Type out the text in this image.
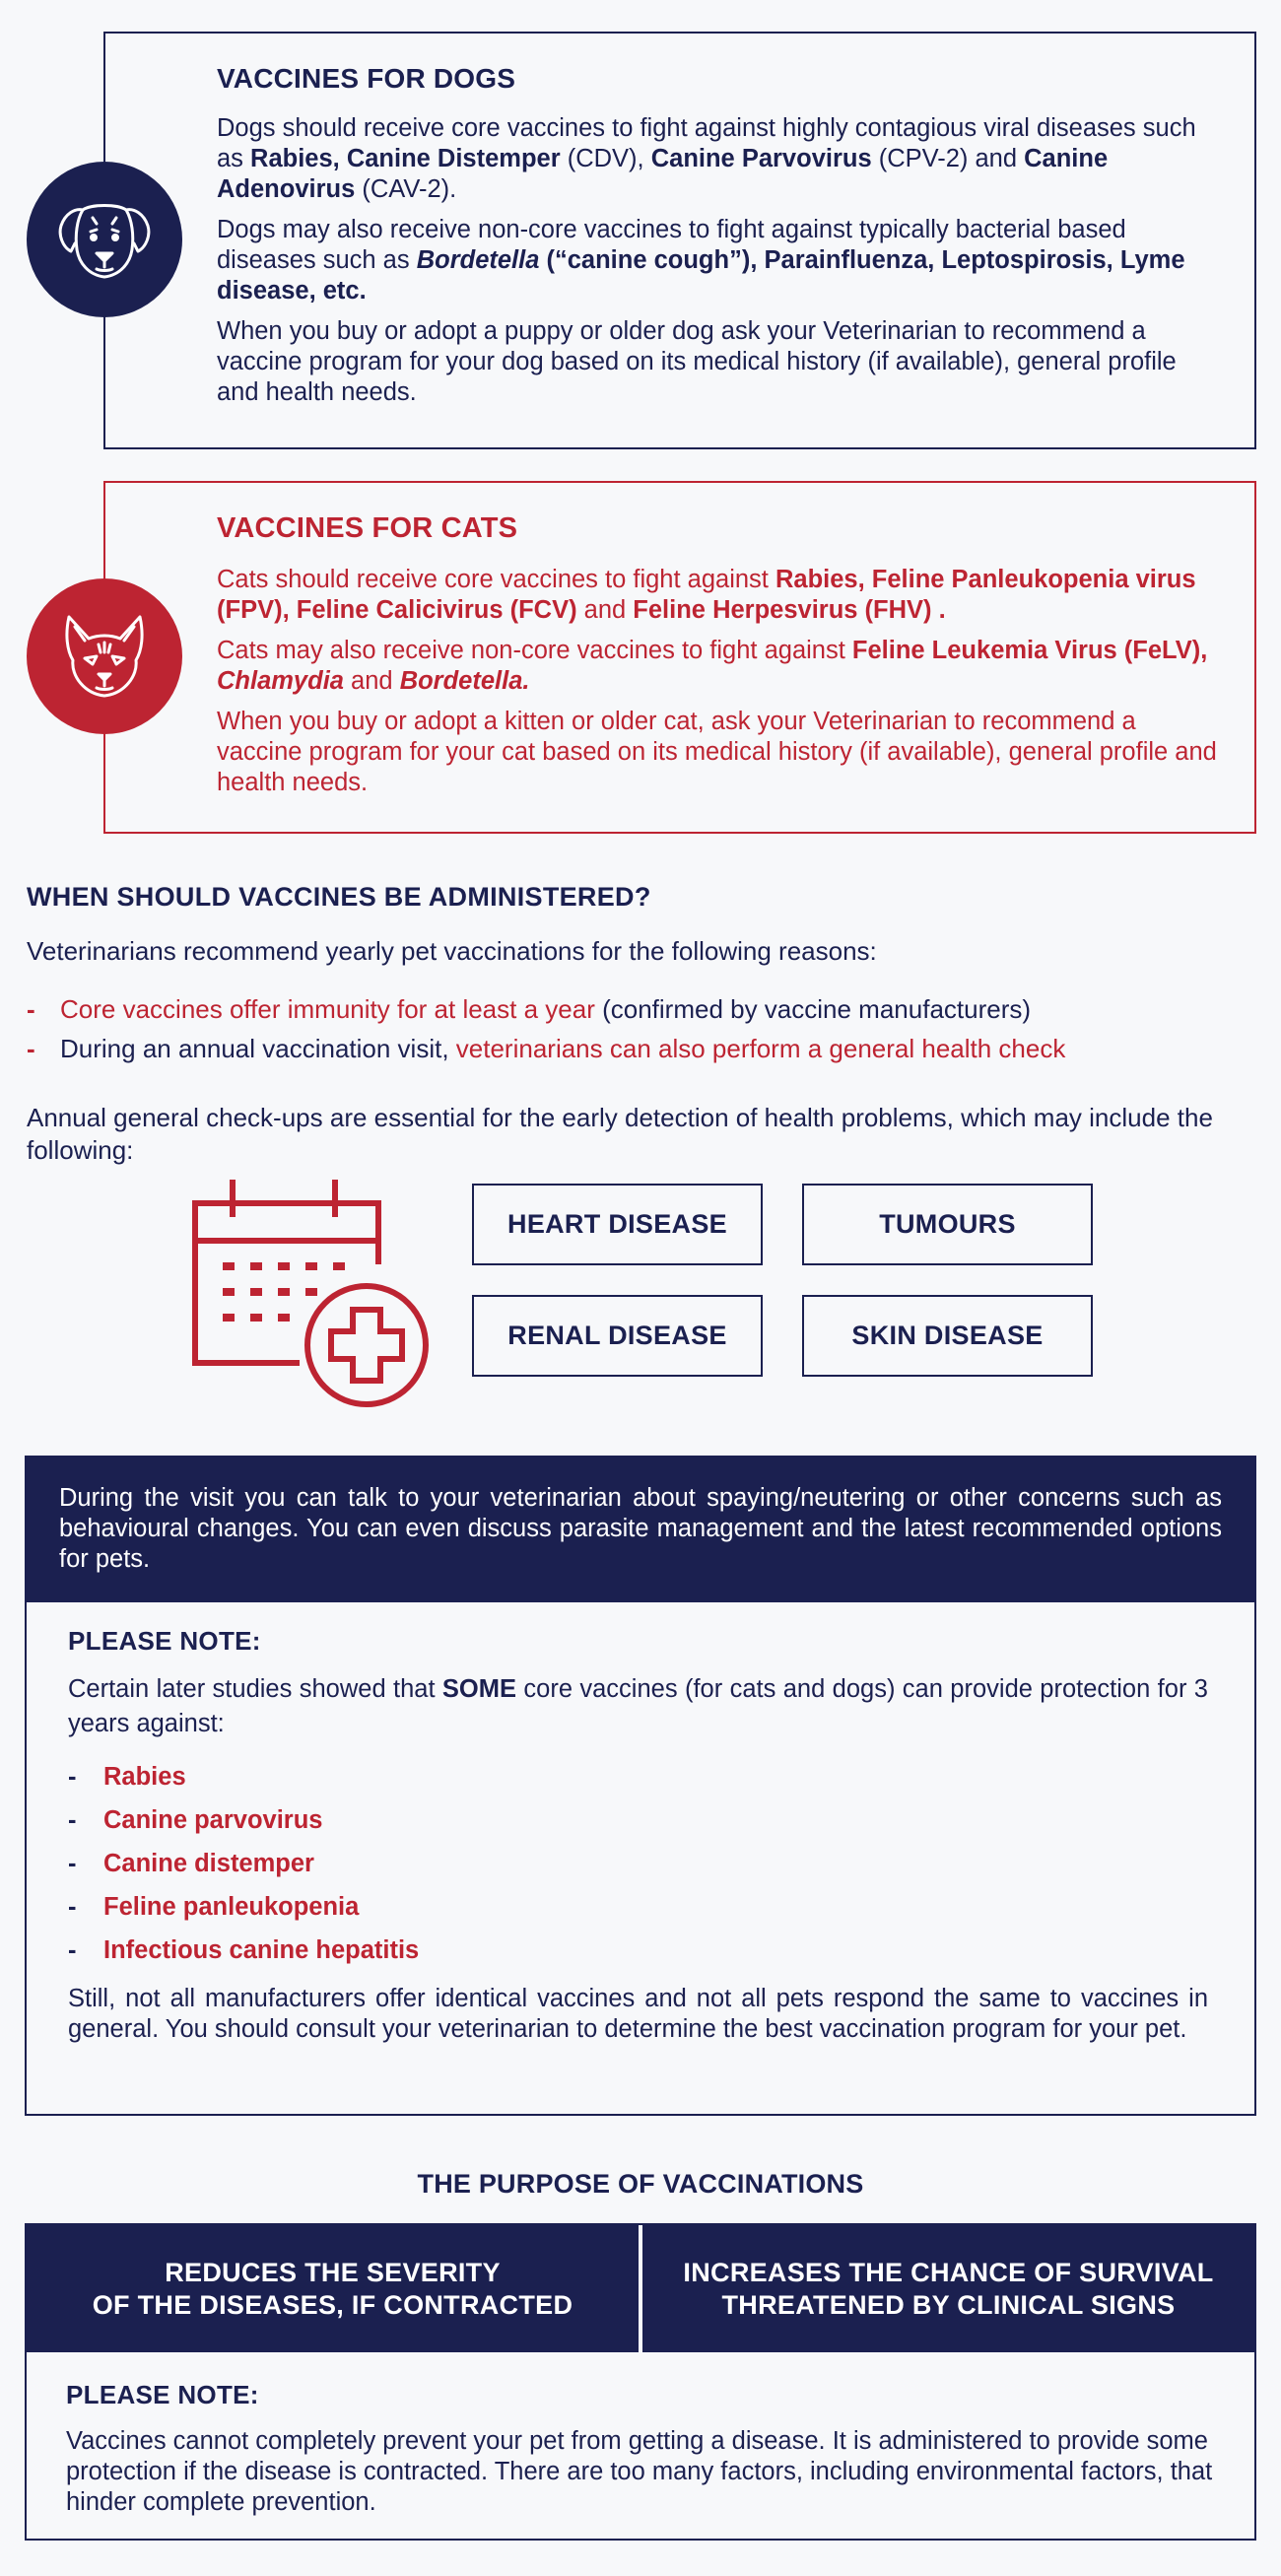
VACCINES FOR DOGS

Dogs should receive core vaccines to fight against highly contagious viral diseases such as Rabies, Canine Distemper (CDV), Canine Parvovirus (CPV-2) and Canine Adenovirus (CAV-2).

Dogs may also receive non-core vaccines to fight against typically bacterial based diseases such as Bordetella (“canine cough”), Parainfluenza, Leptospirosis, Lyme disease, etc.

When you buy or adopt a puppy or older dog ask your Veterinarian to recommend a vaccine program for your dog based on its medical history (if available), general profile and health needs.

VACCINES FOR CATS

Cats should receive core vaccines to fight against Rabies, Feline Panleukopenia virus (FPV), Feline Calicivirus (FCV) and Feline Herpesvirus (FHV) .

Cats may also receive non-core vaccines to fight against Feline Leukemia Virus (FeLV), Chlamydia and Bordetella.

When you buy or adopt a kitten or older cat, ask your Veterinarian to recommend a vaccine program for your cat based on its medical history (if available), general profile and health needs.

WHEN SHOULD VACCINES BE ADMINISTERED?
Veterinarians recommend yearly pet vaccinations for the following reasons:
- Core vaccines offer immunity for at least a year (confirmed by vaccine manufacturers)
- During an annual vaccination visit, veterinarians can also perform a general health check
Annual general check-ups are essential for the early detection of health problems, which may include the following:
HEART DISEASE	TUMOURS
RENAL DISEASE	SKIN DISEASE
During the visit you can talk to your veterinarian about spaying/neutering or other concerns such as behavioural changes. You can even discuss parasite management and the latest recommended options for pets.
PLEASE NOTE:

Certain later studies showed that SOME core vaccines (for cats and dogs) can provide protection for 3 years against:

-	Rabies
-	Canine parvovirus
-	Canine distemper
-	Feline panleukopenia
-	Infectious canine hepatitis

Still, not all manufacturers offer identical vaccines and not all pets respond the same to vaccines in general. You should consult your veterinarian to determine the best vaccination program for your pet.

THE PURPOSE OF VACCINATIONS
REDUCES THE SEVERITY
OF THE DISEASES, IF CONTRACTED
INCREASES THE CHANCE OF SURVIVAL
THREATENED BY CLINICAL SIGNS
PLEASE NOTE:

Vaccines cannot completely prevent your pet from getting a disease. It is administered to provide some protection if the disease is contracted. There are too many factors, including environmental factors, that hinder complete prevention.
